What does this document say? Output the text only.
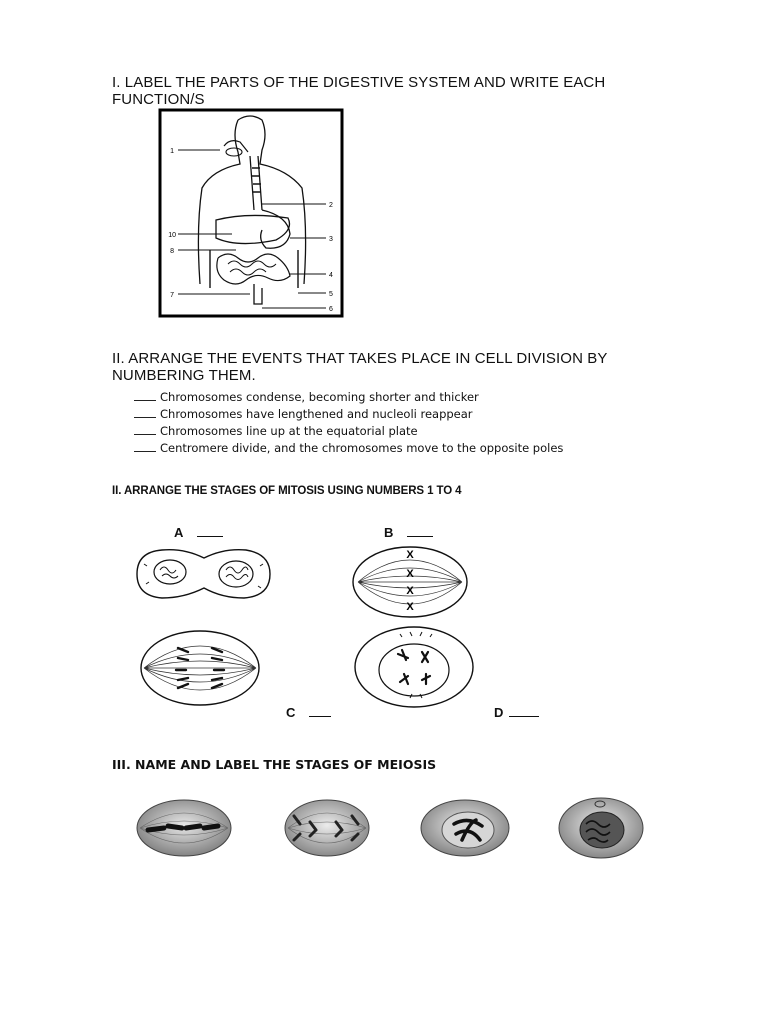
I. LABEL THE PARTS OF THE DIGESTIVE SYSTEM AND WRITE EACH
FUNCTION/S
1
2
3
4
5
6
7
8
10
II. ARRANGE THE EVENTS THAT TAKES PLACE IN CELL DIVISION BY
NUMBERING THEM.
Chromosomes condense, becoming shorter and thicker
Chromosomes have lengthened and nucleoli reappear
Chromosomes line up at the equatorial plate
Centromere divide, and the chromosomes move to the opposite poles
II. ARRANGE THE STAGES OF MITOSIS USING NUMBERS 1 TO 4
A	B
C	D
X
X
X
X
III. NAME AND LABEL THE STAGES OF MEIOSIS
